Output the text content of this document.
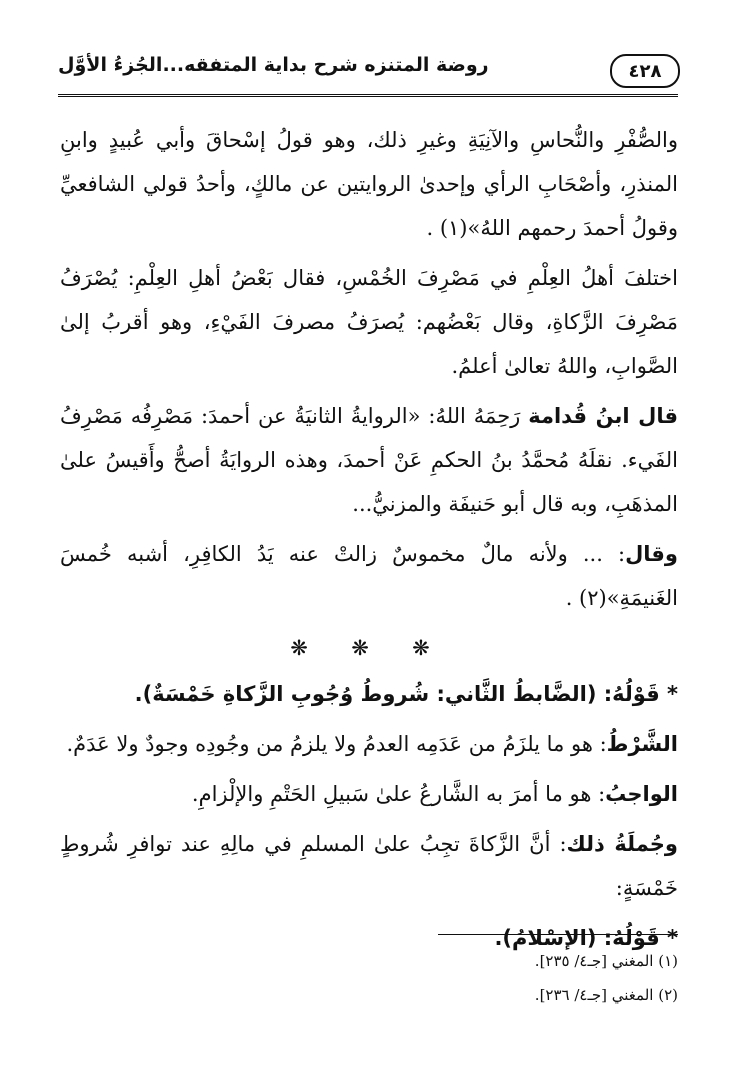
٤٢٨
روضة المتنزه شرح بداية المتفقه...الجُزءُ الأوَّل

والصُّفْرِ والنُّحاسِ والآنِيَةِ وغيرِ ذلك، وهو قولُ إسْحاقَ وأبي عُبيدٍ وابنِ المنذرِ، وأصْحَابِ الرأي وإحدىٰ الروايتين عن مالكٍ، وأحدُ قولي الشافعيِّ وقولُ أحمدَ رحمهم اللهُ»(١) .

اختلفَ أهلُ العِلْمِ في مَصْرِفَ الخُمْسِ، فقال بَعْضُ أهلِ العِلْمِ: يُصْرَفُ مَصْرِفَ الزَّكاةِ، وقال بَعْضُهم: يُصرَفُ مصرفَ الفَيْءِ، وهو أقربُ إلىٰ الصَّوابِ، واللهُ تعالىٰ أعلمُ.

قال ابنُ قُدامة رَحِمَهُ اللهُ: «الروايةُ الثانيَةُ عن أحمدَ: مَصْرِفُه مَصْرِفُ الفَيء. نقلَهُ مُحمَّدُ بنُ الحكمِ عَنْ أحمدَ، وهذه الروايَةُ أصحُّ وأَقيسُ علىٰ المذهَبِ، وبه قال أبو حَنيفَة والمزنيُّ...

وقال: ... ولأنه مالٌ مخموسٌ زالتْ عنه يَدُ الكافِرِ، أشبه خُمسَ الغَنيمَةِ»(٢) .

❋ ❋ ❋

* قَوْلُهُ: (الضَّابطُ الثَّاني: شُروطُ وُجُوبِ الزَّكاةِ خَمْسَةٌ).

الشَّرْطُ: هو ما يلزَمُ من عَدَمِه العدمُ ولا يلزمُ من وجُودِه وجودٌ ولا عَدَمٌ.

الواجبُ: هو ما أمرَ به الشَّارعُ علىٰ سَبيلِ الحَتْمِ والإلْزامِ.

وجُملَةُ ذلك: أنَّ الزَّكاةَ تجِبُ علىٰ المسلمِ في مالِهِ عند توافرِ شُروطٍ خَمْسَةٍ:

* قَوْلُهُ: (الإسْلامُ).

(١) المغني [جـ٤/ ٢٣٥].

(٢) المغني [جـ٤/ ٢٣٦].
